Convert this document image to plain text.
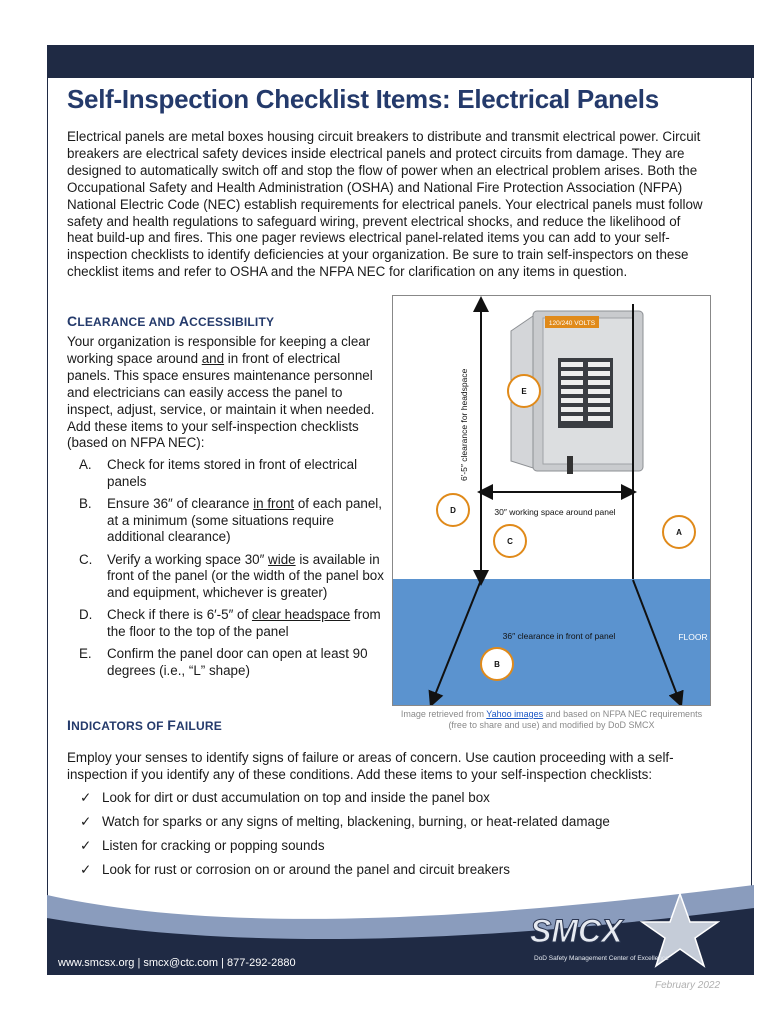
Self-Inspection Checklist Items: Electrical Panels
Electrical panels are metal boxes housing circuit breakers to distribute and transmit electrical power. Circuit breakers are electrical safety devices inside electrical panels and protect circuits from damage. They are designed to automatically switch off and stop the flow of power when an electrical problem arises. Both the Occupational Safety and Health Administration (OSHA) and National Fire Protection Association (NFPA) National Electric Code (NEC) establish requirements for electrical panels. Your electrical panels must follow safety and health regulations to safeguard wiring, prevent electrical shocks, and reduce the likelihood of heat build-up and fires. This one pager reviews electrical panel-related items you can add to your self-inspection checklists to identify deficiencies at your organization. Be sure to train self-inspectors on these checklist items and refer to OSHA and the NFPA NEC for clarification on any items in question.
CLEARANCE AND ACCESSIBILITY
Your organization is responsible for keeping a clear working space around and in front of electrical panels. This space ensures maintenance personnel and electricians can easily access the panel to inspect, adjust, service, or maintain it when needed. Add these items to your self-inspection checklists (based on NFPA NEC):
A. Check for items stored in front of electrical panels
B. Ensure 36″ of clearance in front of each panel, at a minimum (some situations require additional clearance)
C. Verify a working space 30″ wide is available in front of the panel (or the width of the panel box and equipment, whichever is greater)
D. Check if there is 6′-5″ of clear headspace from the floor to the top of the panel
E. Confirm the panel door can open at least 90 degrees (i.e., “L” shape)
120/240 VOLTS
6′-5″ clearance for headspace
30″ working space around panel
36″ clearance in front of panel	FLOOR
E
D
C
A
B
Image retrieved from Yahoo images and based on NFPA NEC requirements
(free to share and use) and modified by DoD SMCX
INDICATORS OF FAILURE
Employ your senses to identify signs of failure or areas of concern. Use caution proceeding with a self-inspection if you identify any of these conditions. Add these items to your self-inspection checklists:
✓ Look for dirt or dust accumulation on top and inside the panel box
✓ Watch for sparks or any signs of melting, blackening, burning, or heat-related damage
✓ Listen for cracking or popping sounds
✓ Look for rust or corrosion on or around the panel and circuit breakers
SMCX
DoD Safety Management Center of Excellence
www.smcsx.org | smcx@ctc.com | 877-292-2880
February 2022
